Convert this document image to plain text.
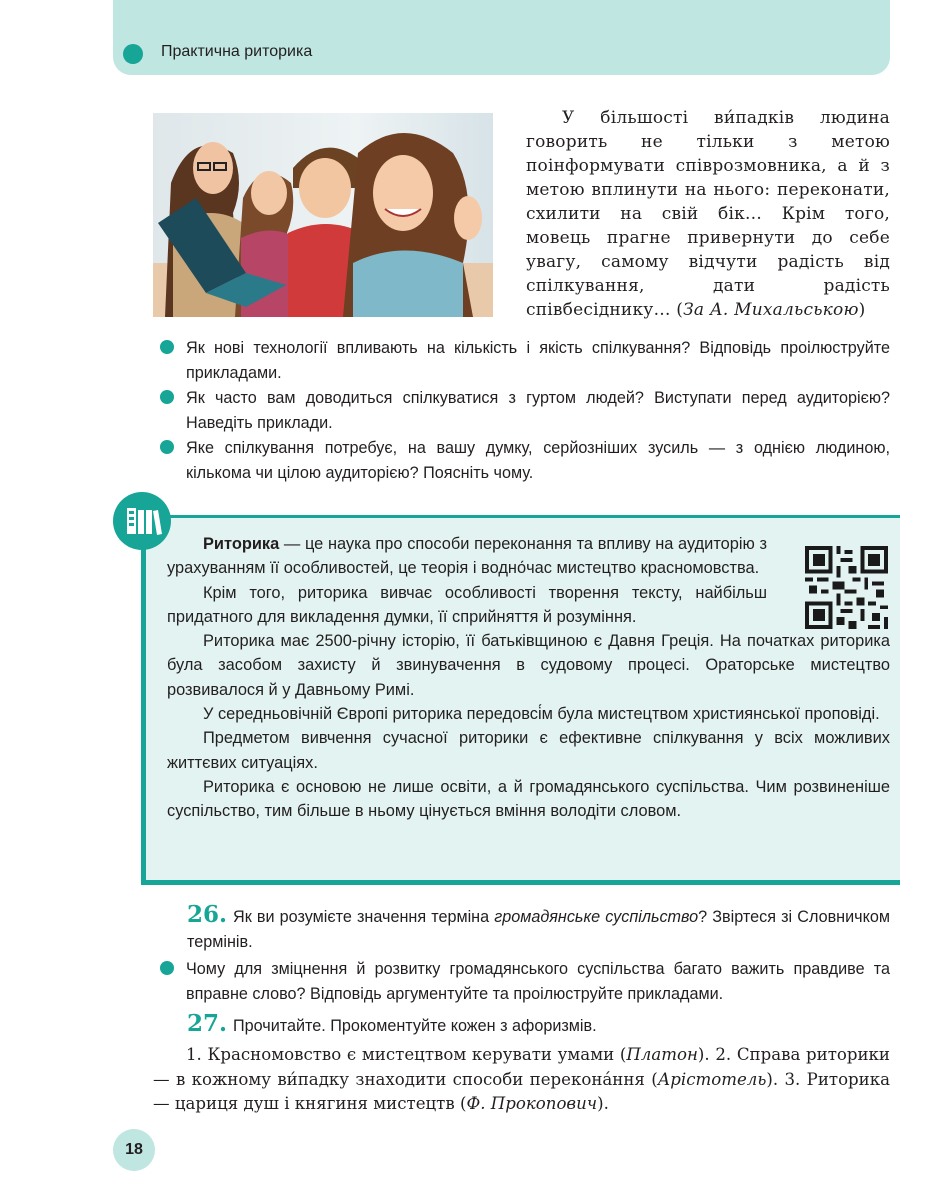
Практична риторика
У більшості ви́падків людина говорить не тільки з метою поінформувати співрозмовника, а й з метою вплинути на нього: переконати, схилити на свій бік… Крім того, мовець прагне привернути до себе увагу, самому відчути радість від спілкування, дати радість співбесіднику… (За А. Михальською)
Як нові технології впливають на кількість і якість спілкування? Відповідь проілюструйте прикладами.
Як часто вам доводиться спілкуватися з гуртом людей? Виступати перед аудиторією? Наведіть приклади.
Яке спілкування потребує, на вашу думку, серйозніших зусиль — з однією людиною, кількома чи цілою аудиторією? Поясніть чому.

Риторика — це наука про способи переконання та впливу на аудиторію з урахуванням її особливостей, це теорія і водно́час мистецтво красномовства.

Крім того, риторика вивчає особливості творення тексту, найбільш придатного для викладення думки, її сприйняття й розуміння.

Риторика має 2500-річну історію, її батьківщиною є Давня Греція. На початках риторика була засобом захисту й звинувачення в судовому процесі. Ораторське мистецтво розвивалося й у Давньому Римі.

У середньовічній Європі риторика передовсі́м була мистецтвом християнської проповіді.

Предметом вивчення сучасної риторики є ефективне спілкування у всіх можливих життєвих ситуаціях.

Риторика є основою не лише освіти, а й громадянського суспільства. Чим розвиненіше суспільство, тим більше в ньому цінується вміння володіти словом.

26. Як ви розумієте значення терміна громадянське суспільство? Звіртеся зі Словничком термінів.
Чому для зміцнення й розвитку громадянського суспільства багато важить правдиве та вправне слово? Відповідь аргументуйте та проілюструйте прикладами.
27. Прочитайте. Прокоментуйте кожен з афоризмів.
1. Красномовство є мистецтвом керувати умами (Платон). 2. Справа риторики — в кожному ви́падку знаходити способи переконáння (Арістотель). 3. Риторика — цариця душ і княгиня мистецтв (Ф. Прокопович).
18
